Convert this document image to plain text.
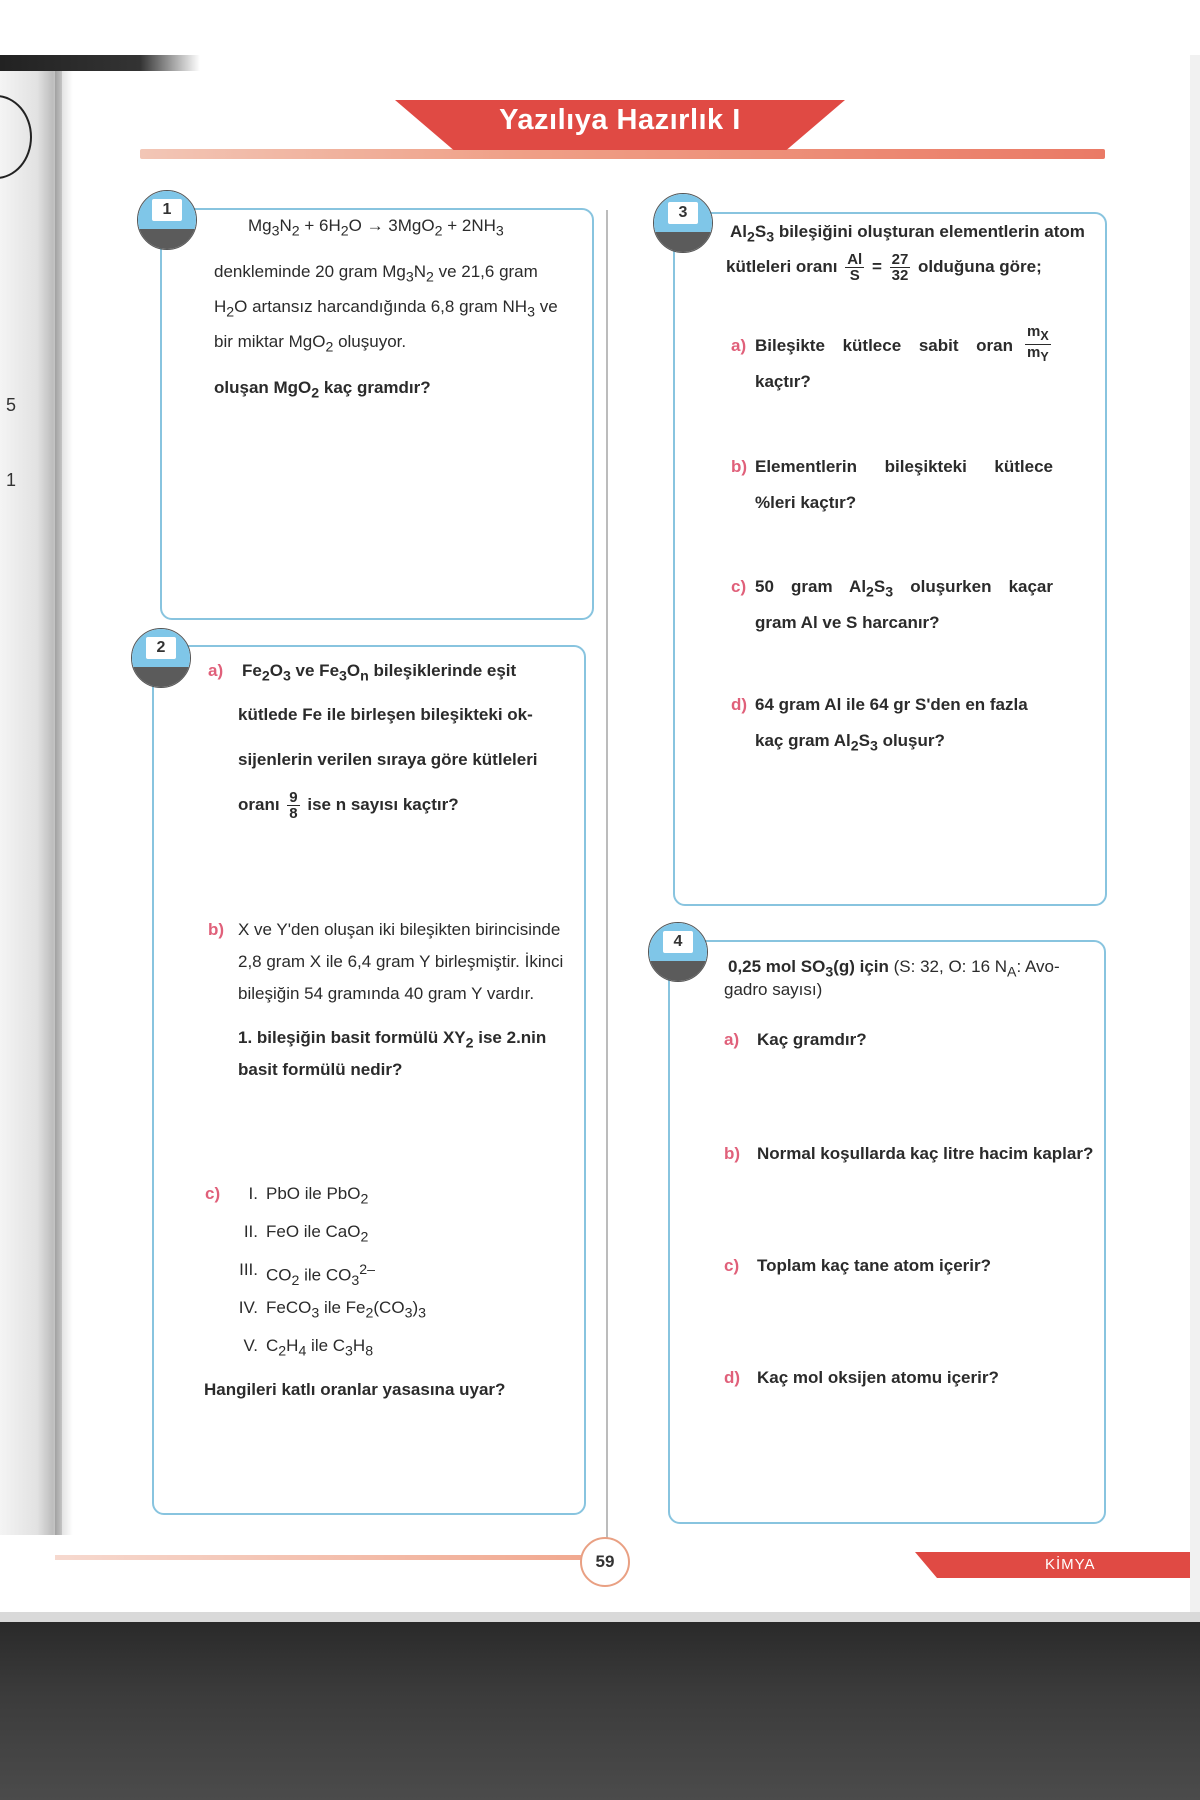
5
1
Yazılıya Hazırlık I
1
$Mg_3N_2 + 6H_2O \to 3MgO_2 + 2NH_3$
denkleminde 20 gram $Mg_3N_2$ ve 21,6 gram
$H_2O$ artansız harcandığında 6,8 gram $NH_3$ ve
bir miktar MgO$_2$ oluşuyor.
oluşan MgO$_2$ kaç gramdır?
2
a) $Fe_2O_3$ ve $Fe_3O_n$ bileşiklerinde eşit
kütlede Fe ile birleşen bileşikteki ok-
sijenlerin verilen sıraya göre kütleleri
oranı $\frac{9}{8}$ ise n sayısı kaçtır?
b) X ve Y'den oluşan iki bileşikten birincisinde
2,8 gram X ile 6,4 gram Y birleşmiştir. İkinci
bileşiğin 54 gramında 40 gram Y vardır.
1. bileşiğin basit formülü $XY_2$ ise 2.nin
basit formülü nedir?
c)	I. PbO ile PbO$_2$
II. FeO ile CaO$_2$
III. $CO_2$ ile $CO_3^{2-}$
IV. FeCO$_3$ ile $Fe_2(CO_3)_3$
V. $C_2H_4$ ile $C_3H_8$
Hangileri katlı oranlar yasasına uyar?
3
$Al_2S_3$ bileşiğini oluşturan elementlerin atom
kütleleri oranı $\frac{Al}{S} = \frac{27}{32}$ olduğuna göre;
a) Bileşikte kütlece sabit oran $\frac{m_X}{m_Y}$
kaçtır?
b) Elementlerin bileşikteki kütlece
%leri kaçtır?
c) 50 gram $Al_2S_3$ oluşurken kaçar
gram Al ve S harcanır?
d) 64 gram Al ile 64 gr S'den en fazla
kaç gram $Al_2S_3$ oluşur?
4
0,25 mol $SO_3(g)$ için (S: 32, O: 16 $N_A$: Avo-
gadro sayısı)
a) Kaç gramdır?
b) Normal koşullarda kaç litre hacim kaplar?
c) Toplam kaç tane atom içerir?
d) Kaç mol oksijen atomu içerir?
59	KİMYA
